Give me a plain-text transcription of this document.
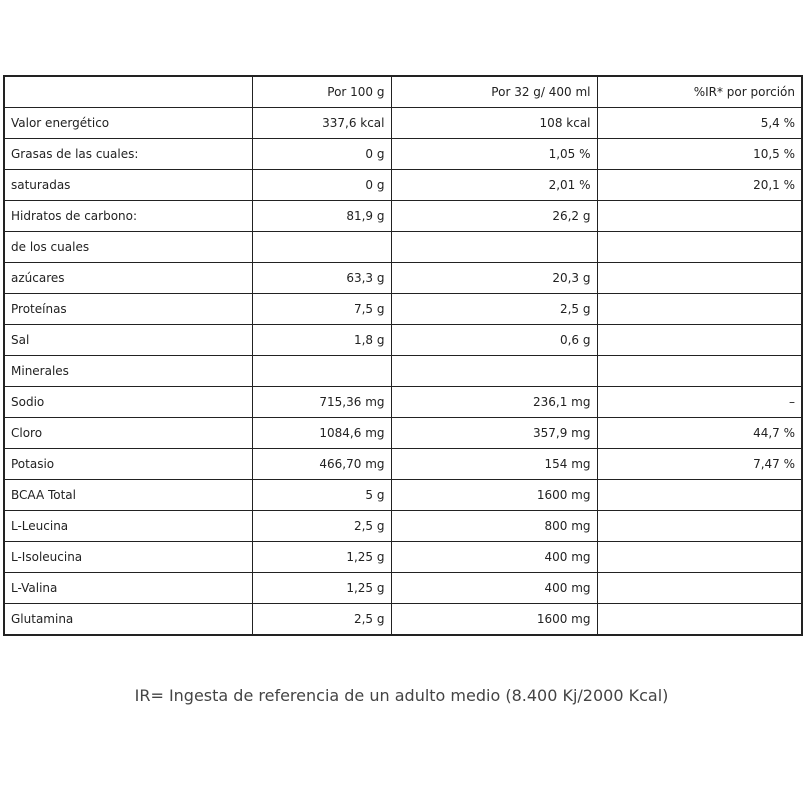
	Por 100 g	Por 32 g/ 400 ml	%IR* por porción
Valor energético	337,6 kcal	108 kcal	5,4 %
Grasas de las cuales:	0 g	1,05 %	10,5 %
saturadas	0 g	2,01 %	20,1 %
Hidratos de carbono:	81,9 g	26,2 g	
de los cuales			
azúcares	63,3 g	20,3 g	
Proteínas	7,5 g	2,5 g	
Sal	1,8 g	0,6 g	
Minerales			
Sodio	715,36 mg	236,1 mg	–
Cloro	1084,6 mg	357,9 mg	44,7 %
Potasio	466,70 mg	154 mg	7,47 %
BCAA Total	5 g	1600 mg	
L-Leucina	2,5 g	800 mg	
L-Isoleucina	1,25 g	400 mg	
L-Valina	1,25 g	400 mg	
Glutamina	2,5 g	1600 mg	
IR= Ingesta de referencia de un adulto medio (8.400 Kj/2000 Kcal)
